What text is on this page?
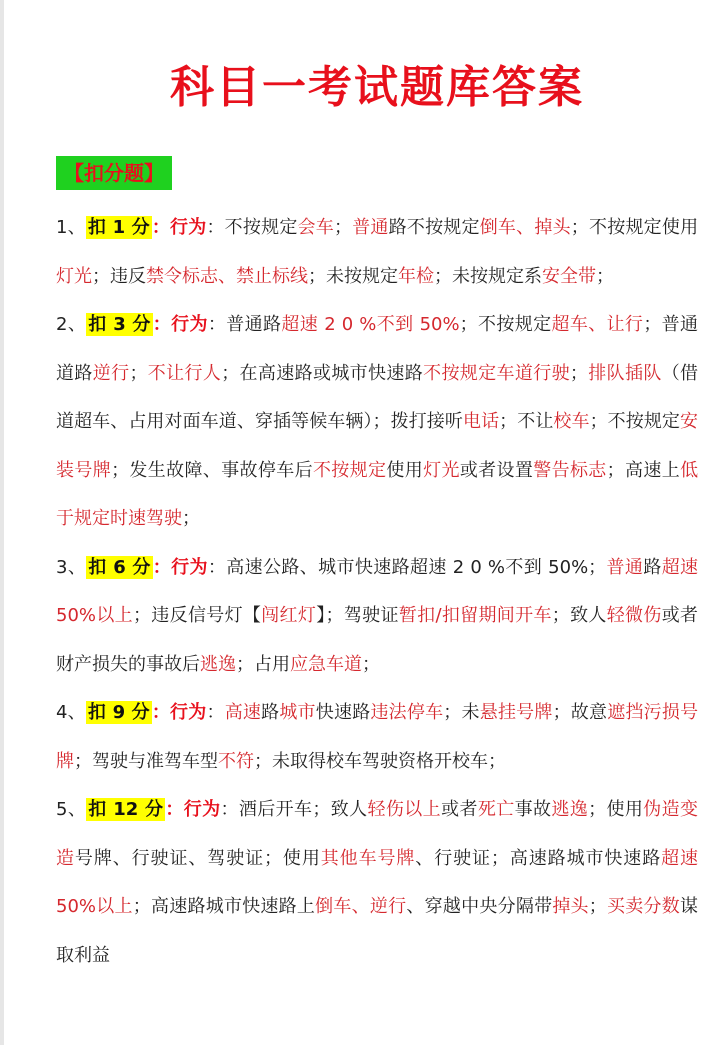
科目一考试题库答案
【扣分题】
1、 扣 1 分 ：行为：不按规定会车；普通路不按规定倒车、掉头；不按规定使用灯光；违反禁令标志、禁止标线；未按规定年检；未按规定系安全带；
2、 扣 3 分 ：行为：普通路超速 2 0 %不到 50%；不按规定超车、让行；普通道路逆行；不让行人；在高速路或城市快速路不按规定车道行驶；排队插队（借道超车、占用对面车道、穿插等候车辆）；拨打接听电话；不让校车；不按规定安装号牌；发生故障、事故停车后不按规定使用灯光或者设置警告标志；高速上低于规定时速驾驶；
3、 扣 6 分 ：行为：高速公路、城市快速路超速 2 0 %不到 50%；普通路超速 50%以上；违反信号灯【闯红灯】；驾驶证暂扣/扣留期间开车；致人轻微伤或者财产损失的事故后逃逸；占用应急车道；
4、 扣 9 分 ：行为：高速路城市快速路违法停车；未悬挂号牌；故意遮挡污损号牌；驾驶与准驾车型不符；未取得校车驾驶资格开校车；
5、 扣 12 分 ：行为：酒后开车；致人轻伤以上或者死亡事故逃逸；使用伪造变造号牌、行驶证、驾驶证；使用其他车号牌、行驶证；高速路城市快速路超速 50%以上；高速路城市快速路上倒车、逆行、穿越中央分隔带掉头；买卖分数谋取利益
